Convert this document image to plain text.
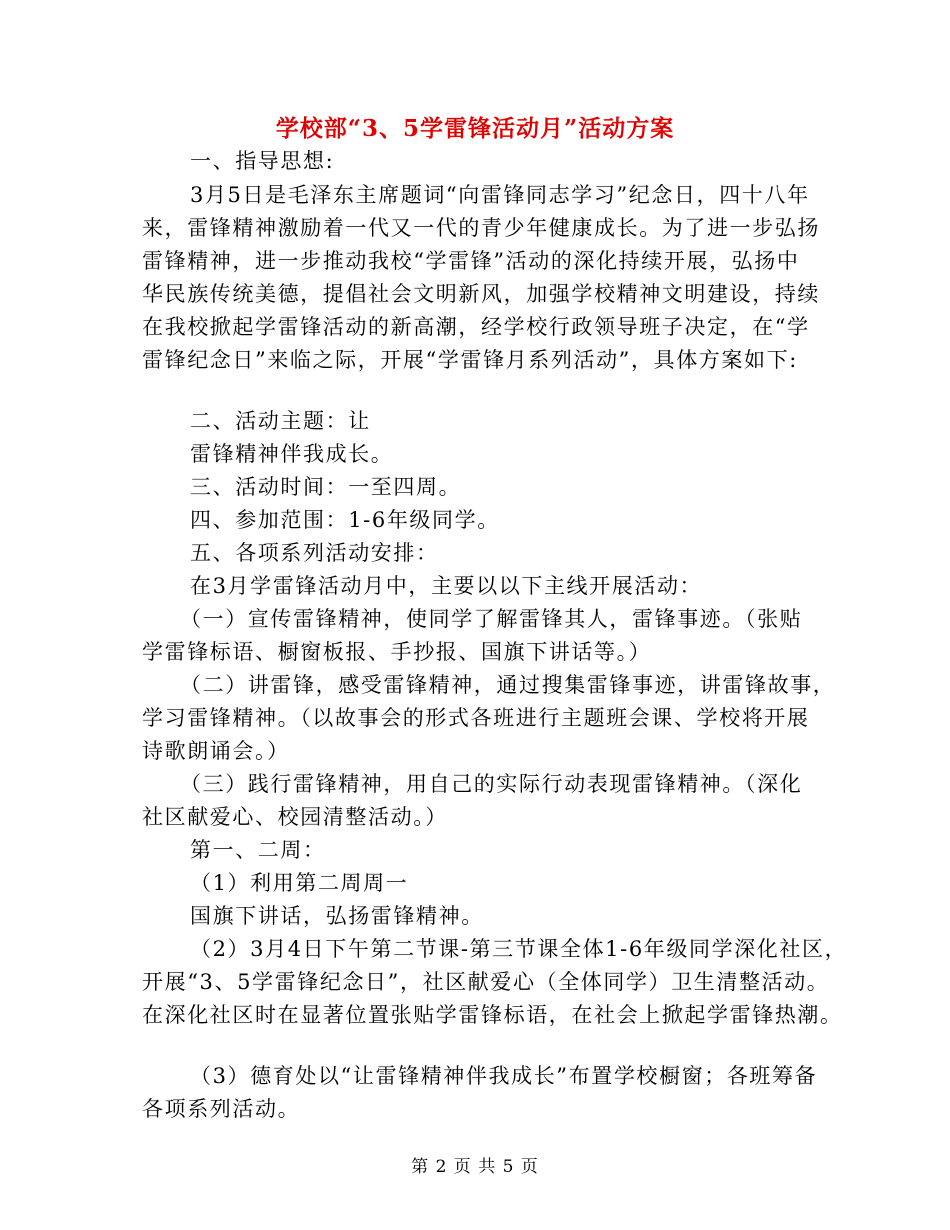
学校部“3、5学雷锋活动月”活动方案
一、指导思想:
3月5日是毛泽东主席题词“向雷锋同志学习”纪念日，四十八年
来，雷锋精神激励着一代又一代的青少年健康成长。为了进一步弘扬
雷锋精神，进一步推动我校“学雷锋”活动的深化持续开展，弘扬中
华民族传统美德，提倡社会文明新风，加强学校精神文明建设，持续
在我校掀起学雷锋活动的新高潮，经学校行政领导班子决定，在“学
雷锋纪念日”来临之际，开展“学雷锋月系列活动”，具体方案如下:
二、活动主题：让
雷锋精神伴我成长。
三、活动时间：一至四周。
四、参加范围：1-6年级同学。
五、各项系列活动安排：
在3月学雷锋活动月中，主要以以下主线开展活动：
（一）宣传雷锋精神，使同学了解雷锋其人，雷锋事迹。（张贴
学雷锋标语、橱窗板报、手抄报、国旗下讲话等。）
（二）讲雷锋，感受雷锋精神，通过搜集雷锋事迹，讲雷锋故事，
学习雷锋精神。（以故事会的形式各班进行主题班会课、学校将开展
诗歌朗诵会。）
（三）践行雷锋精神，用自己的实际行动表现雷锋精神。（深化
社区献爱心、校园清整活动。）
第一、二周：
（1）利用第二周周一
国旗下讲话，弘扬雷锋精神。
（2）3月4日下午第二节课-第三节课全体1-6年级同学深化社区，
开展“3、5学雷锋纪念日”，社区献爱心（全体同学）卫生清整活动。
在深化社区时在显著位置张贴学雷锋标语，在社会上掀起学雷锋热潮。
（3）德育处以“让雷锋精神伴我成长”布置学校橱窗；各班筹备
各项系列活动。
第 2 页 共 5 页
